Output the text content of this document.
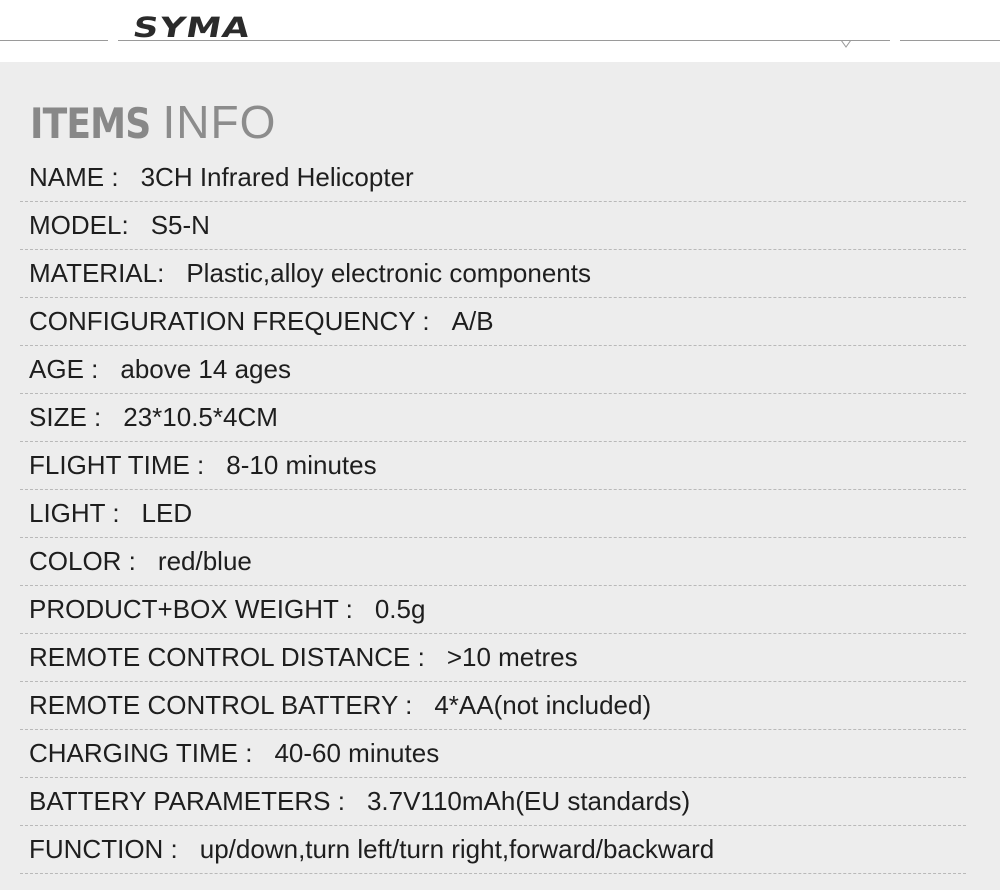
SYMA
ITEMS INFO
NAME : 3CH Infrared Helicopter
MODEL: S5-N
MATERIAL: Plastic,alloy electronic components
CONFIGURATION FREQUENCY : A/B
AGE : above 14 ages
SIZE : 23*10.5*4CM
FLIGHT TIME : 8-10 minutes
LIGHT : LED
COLOR : red/blue
PRODUCT+BOX WEIGHT : 0.5g
REMOTE CONTROL DISTANCE : >10 metres
REMOTE CONTROL BATTERY : 4*AA(not included)
CHARGING TIME : 40-60 minutes
BATTERY PARAMETERS : 3.7V110mAh(EU standards)
FUNCTION : up/down,turn left/turn right,forward/backward
